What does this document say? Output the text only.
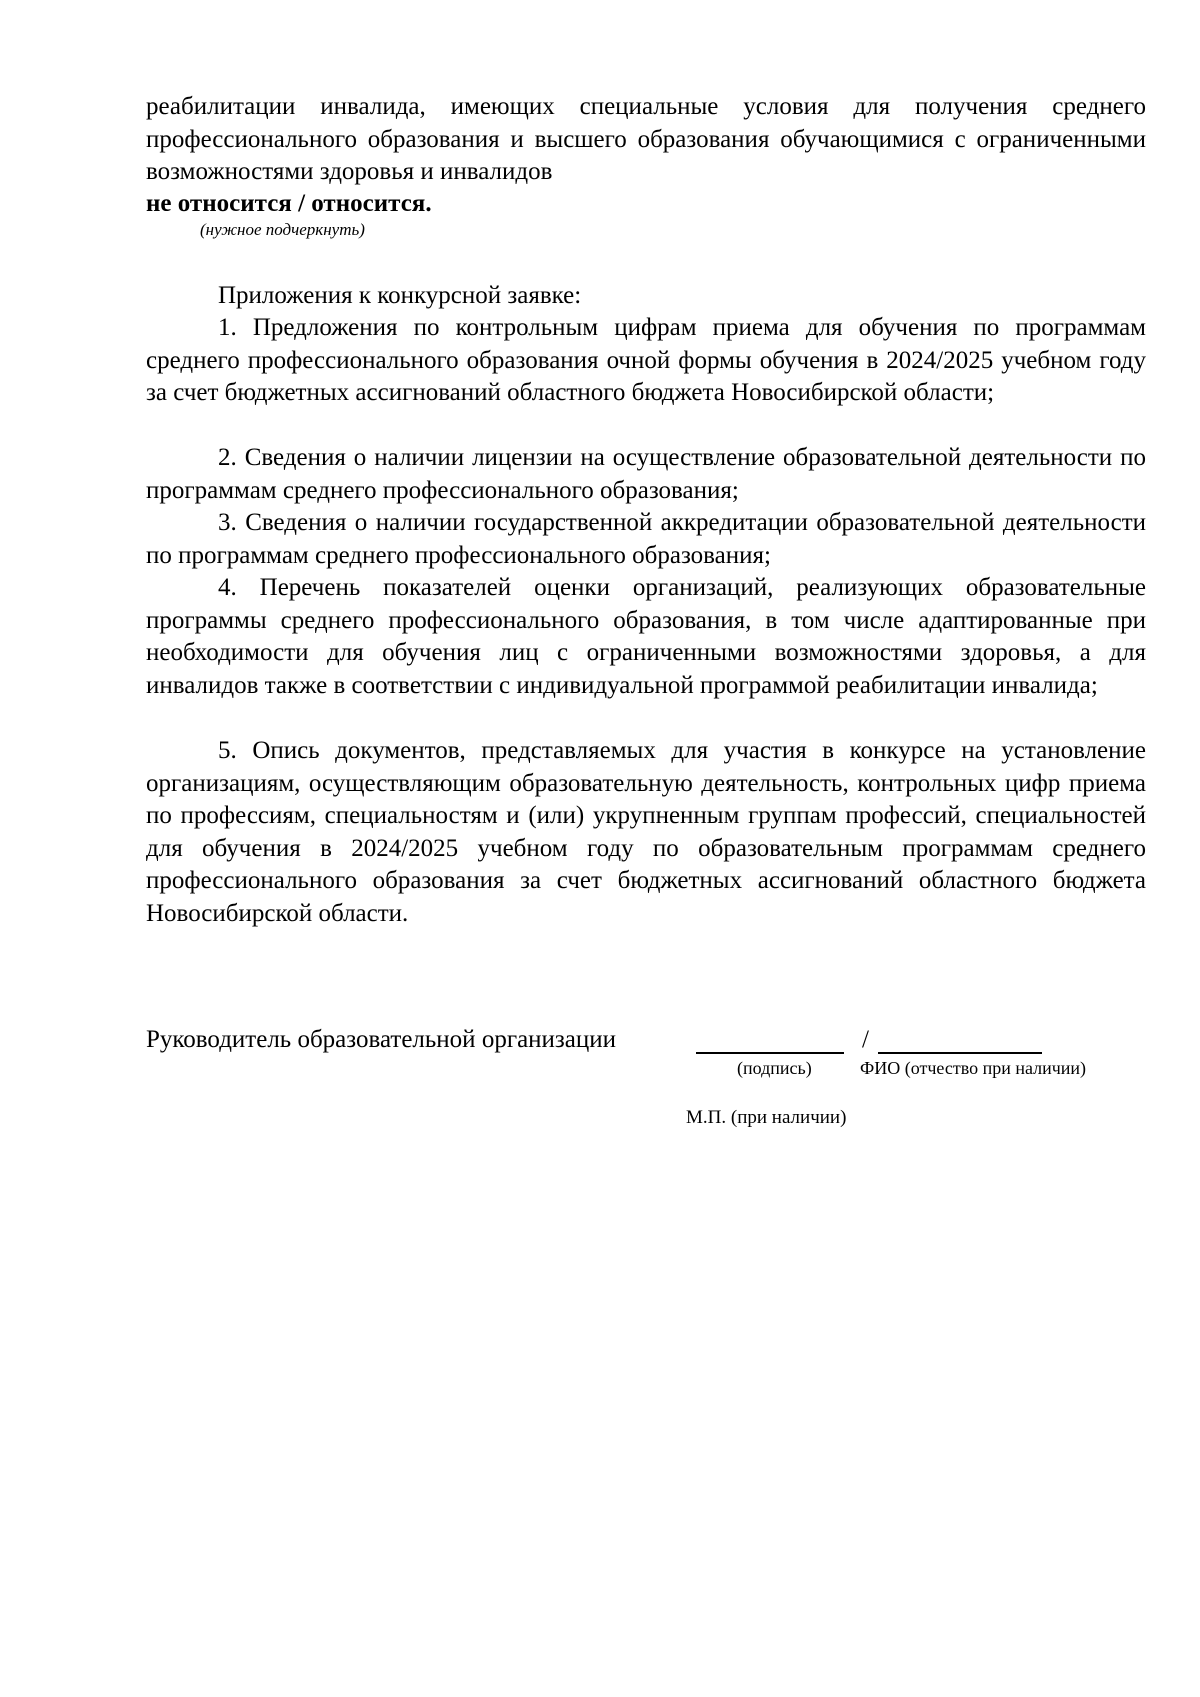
реабилитации инвалида, имеющих специальные условия для получения среднего профессионального образования и высшего образования обучающимися с ограниченными возможностями здоровья и инвалидов

не относится / относится.

(нужное подчеркнуть)

Приложения к конкурсной заявке:

1. Предложения по контрольным цифрам приема для обучения по программам среднего профессионального образования очной формы обучения в 2024/2025 учебном году за счет бюджетных ассигнований областного бюджета Новосибирской области;

2. Сведения о наличии лицензии на осуществление образовательной деятельности по программам среднего профессионального образования;

3. Сведения о наличии государственной аккредитации образовательной деятельности по программам среднего профессионального образования;

4. Перечень показателей оценки организаций, реализующих образовательные программы среднего профессионального образования, в том числе адаптированные при необходимости для обучения лиц с ограниченными возможностями здоровья, а для инвалидов также в соответствии с индивидуальной программой реабилитации инвалида;

5. Опись документов, представляемых для участия в конкурсе на установление организациям, осуществляющим образовательную деятельность, контрольных цифр приема по профессиям, специальностям и (или) укрупненным группам профессий, специальностей для обучения в 2024/2025 учебном году по образовательным программам среднего профессионального образования за счет бюджетных ассигнований областного бюджета Новосибирской области.

Руководитель образовательной организации	/
(подпись)	ФИО (отчество при наличии)
М.П. (при наличии)
